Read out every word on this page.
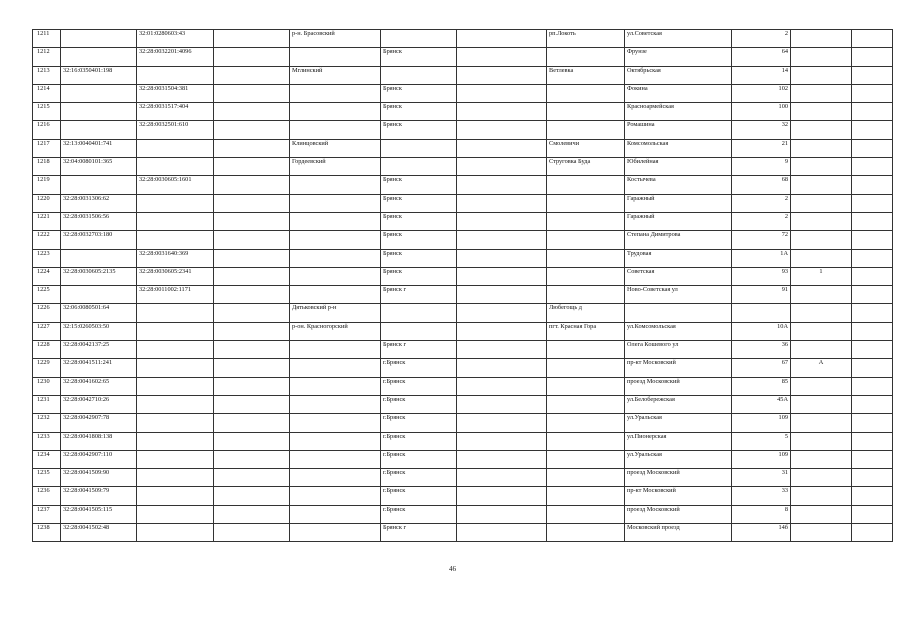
1211		32:01:0280603:43		р-н. Брасовский			рп.Локоть	ул.Советская	2		
1212		32:28:0032201:4096			Брянск			Фрунзе	64		
1213	32:16:0350401:198			Мглинский			Ветлевка	Октябрьская	14		
1214		32:28:0031504:381			Брянск			Фокина	102		
1215		32:28:0031517:404			Брянск			Красноармейская	100		
1216		32:28:0032501:610			Брянск			Ромашина	32		
1217	32:13:0040401:741			Клинцовский			Смолевичи	Комсомольская	21		
1218	32:04:0080101:365			Гордеевский			Струговка Буда	Юбилейная	9		
1219		32:28:0030605:1601			Брянск			Костычева	68		
1220	32:28:0031306:62				Брянск			Гаражный	2		
1221	32:28:0031506:56				Брянск			Гаражный	2		
1222	32:28:0032703:180				Брянск			Степана Димитрова	72		
1223		32:28:0031640:369			Брянск			Трудовая	1А		
1224	32:28:0030605:2135	32:28:0030605:2341			Брянск			Советская	93	1	
1225		32:28:0011002:1171			Брянск г			Ново-Советская ул	91		
1226	32:06:0080501:64			Дятьковский р-н			Любегощь д				
1227	32:15:0260503:50			р-он. Красногорский			пгт. Красная Гора	ул.Комсомольская	10А		
1228	32:28:0042137:25				Брянск г			Олега Кошевого ул	36		
1229	32:28:0041511:241				г.Брянск			пр-кт Московский	67	А	
1230	32:28:0041602:65				г.Брянск			проезд Московский	85		
1231	32:28:0042710:26				г.Брянск			ул.Белобережская	45А		
1232	32:28:0042907:78				г.Брянск			ул.Уральская	109		
1233	32:28:0041808:138				г.Брянск			ул.Пионерская	5		
1234	32:28:0042907:110				г.Брянск			ул.Уральская	109		
1235	32:28:0041509:90				г.Брянск			проезд Московский	31		
1236	32:28:0041509:79				г.Брянск			пр-кт Московский	33		
1237	32:28:0041505:115				г.Брянск			проезд Московский	8		
1238	32:28:0041502:48				Брянск г			Московский проезд	14б		
46
